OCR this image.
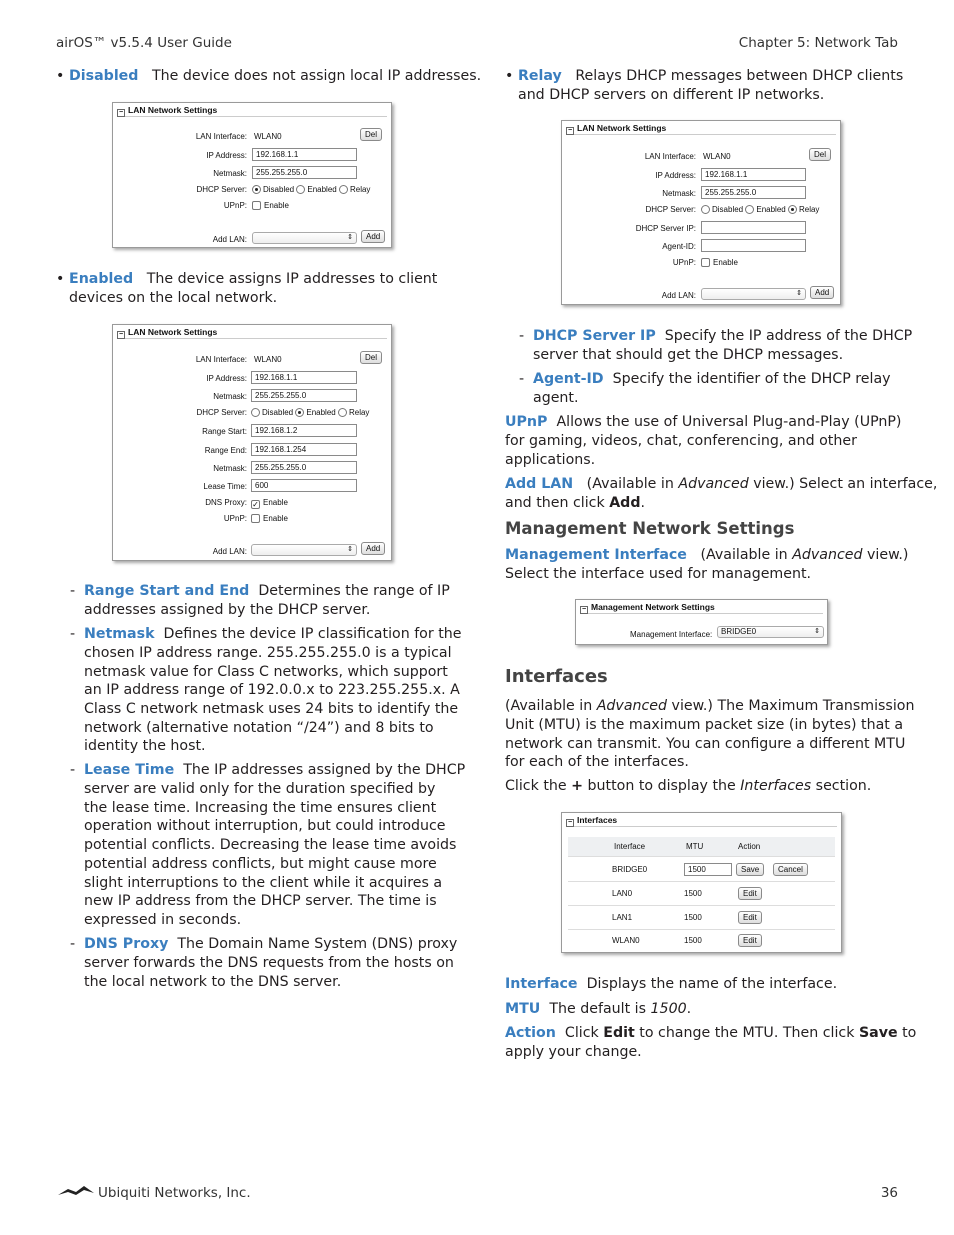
airOS™ v5.5.4 User Guide	Chapter 5: Network Tab
• Disabled The device does not assign local IP addresses.
− LAN Network Settings
LAN Interface: WLAN0	Del
IP Address:	192.168.1.1
Netmask:	255.255.255.0
DHCP Server:	Disabled Enabled Relay
UPnP:	Enable
Add LAN:	⇕	Add
• Enabled The device assigns IP addresses to client
devices on the local network.
− LAN Network Settings
LAN Interface: WLAN0	Del
IP Address:	192.168.1.1
Netmask:	255.255.255.0
DHCP Server:	Disabled Enabled Relay
Range Start:	192.168.1.2
Range End:	192.168.1.254
Netmask:	255.255.255.0
Lease Time:	600
DNS Proxy: ✓ Enable
UPnP:	Enable
Add LAN:	⇕	Add
- Range Start and End Determines the range of IP
addresses assigned by the DHCP server.
- Netmask Defines the device IP classification for the
chosen IP address range. 255.255.255.0 is a typical
netmask value for Class C networks, which support
an IP address range of 192.0.0.x to 223.255.255.x. A
Class C network netmask uses 24 bits to identify the
network (alternative notation “/24”) and 8 bits to
identity the host.
- Lease Time The IP addresses assigned by the DHCP
server are valid only for the duration specified by
the lease time. Increasing the time ensures client
operation without interruption, but could introduce
potential conflicts. Decreasing the lease time avoids
potential address conflicts, but might cause more
slight interruptions to the client while it acquires a
new IP address from the DHCP server. The time is
expressed in seconds.
- DNS Proxy The Domain Name System (DNS) proxy
server forwards the DNS requests from the hosts on
the local network to the DNS server.
• Relay Relays DHCP messages between DHCP clients
and DHCP servers on different IP networks.
− LAN Network Settings
LAN Interface: WLAN0	Del
IP Address:	192.168.1.1
Netmask:	255.255.255.0
DHCP Server:	Disabled Enabled Relay
DHCP Server IP:
Agent-ID:
UPnP:	Enable
Add LAN:	⇕	Add
- DHCP Server IP Specify the IP address of the DHCP
server that should get the DHCP messages.
- Agent-ID Specify the identifier of the DHCP relay
agent.
UPnP Allows the use of Universal Plug-and-Play (UPnP)
for gaming, videos, chat, conferencing, and other
applications.
Add LAN (Available in Advanced view.) Select an interface,
and then click Add.
Management Network Settings
Management Interface (Available in Advanced view.)
Select the interface used for management.
− Management Network Settings
Management Interface:	BRIDGE0	⇕
Interfaces
(Available in Advanced view.) The Maximum Transmission
Unit (MTU) is the maximum packet size (in bytes) that a
network can transmit. You can configure a different MTU
for each of the interfaces.
Click the + button to display the Interfaces section.
− Interfaces
Interface	MTU	Action
BRIDGE0	1500	Save	Cancel
LAN0	1500	Edit
LAN1	1500	Edit
WLAN0	1500	Edit
Interface Displays the name of the interface.
MTU The default is 1500.
Action Click Edit to change the MTU. Then click Save to
apply your change.
Ubiquiti Networks, Inc.	36
